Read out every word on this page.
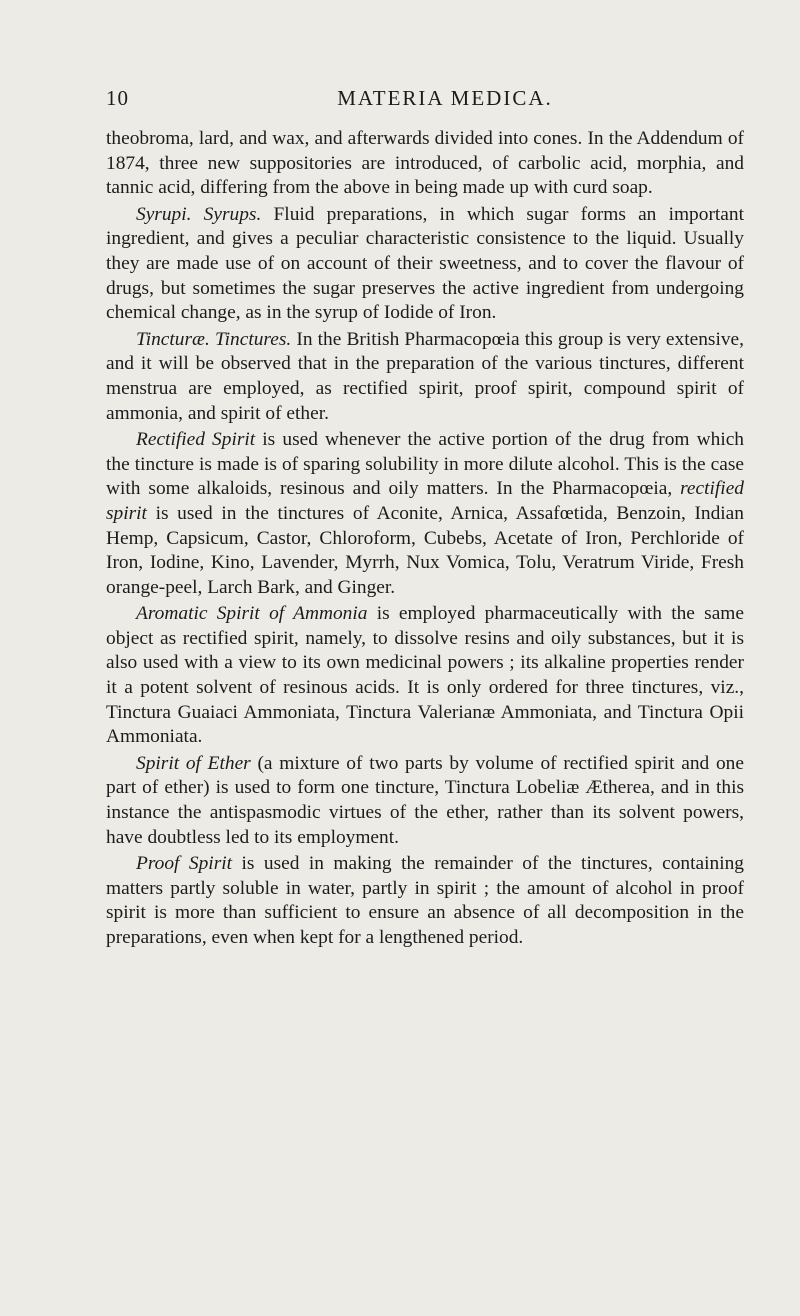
10	MATERIA MEDICA.

theobroma, lard, and wax, and afterwards divided into cones. In the Addendum of 1874, three new suppositories are introduced, of carbolic acid, morphia, and tannic acid, differing from the above in being made up with curd soap.

Syrupi. Syrups. Fluid preparations, in which sugar forms an important ingredient, and gives a peculiar characteristic consistence to the liquid. Usually they are made use of on account of their sweetness, and to cover the flavour of drugs, but sometimes the sugar preserves the active ingredient from undergoing chemical change, as in the syrup of Iodide of Iron.

Tincturæ. Tinctures. In the British Pharmacopœia this group is very extensive, and it will be observed that in the preparation of the various tinctures, different menstrua are employed, as rectified spirit, proof spirit, compound spirit of ammonia, and spirit of ether.

Rectified Spirit is used whenever the active portion of the drug from which the tincture is made is of sparing solubility in more dilute alcohol. This is the case with some alkaloids, resinous and oily matters. In the Pharmacopœia, rectified spirit is used in the tinctures of Aconite, Arnica, Assafœtida, Benzoin, Indian Hemp, Capsicum, Castor, Chloroform, Cubebs, Acetate of Iron, Perchloride of Iron, Iodine, Kino, Lavender, Myrrh, Nux Vomica, Tolu, Veratrum Viride, Fresh orange-peel, Larch Bark, and Ginger.

Aromatic Spirit of Ammonia is employed pharmaceutically with the same object as rectified spirit, namely, to dissolve resins and oily substances, but it is also used with a view to its own medicinal powers ; its alkaline properties render it a potent solvent of resinous acids. It is only ordered for three tinctures, viz., Tinctura Guaiaci Ammoniata, Tinctura Valerianæ Ammoniata, and Tinctura Opii Ammoniata.

Spirit of Ether (a mixture of two parts by volume of rectified spirit and one part of ether) is used to form one tincture, Tinctura Lobeliæ Ætherea, and in this instance the antispasmodic virtues of the ether, rather than its solvent powers, have doubtless led to its employment.

Proof Spirit is used in making the remainder of the tinctures, containing matters partly soluble in water, partly in spirit ; the amount of alcohol in proof spirit is more than sufficient to ensure an absence of all decomposition in the preparations, even when kept for a lengthened period.
